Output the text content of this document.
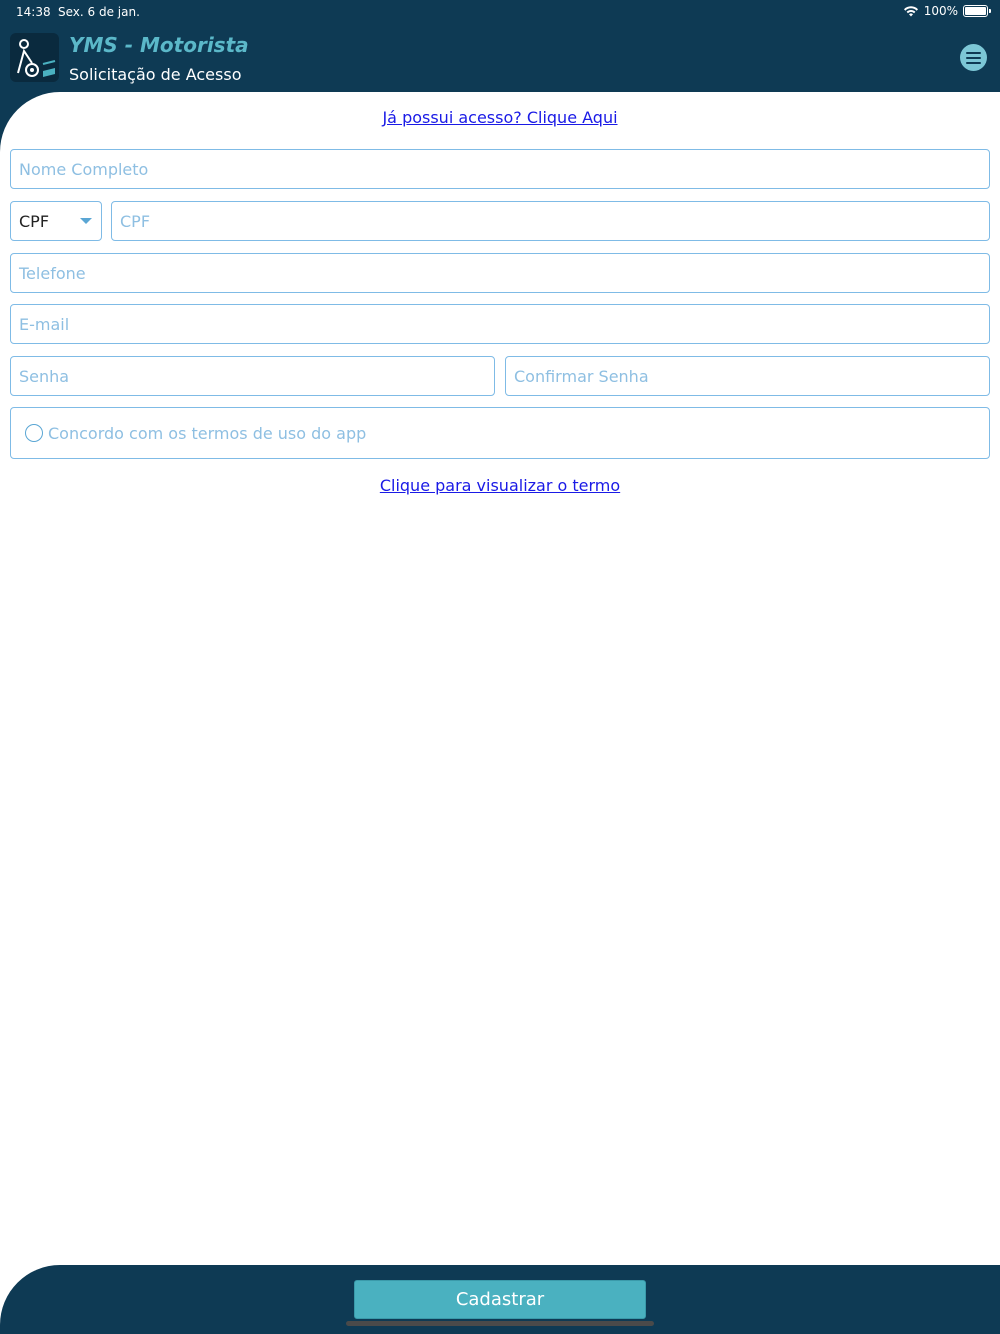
14:38 Sex. 6 de jan.	100%
YMS - Motorista
Solicitação de Acesso
Já possui acesso? Clique Aqui
Nome Completo
CPF	CPF
Telefone
E-mail
Senha	Confirmar Senha
Concordo com os termos de uso do app
Clique para visualizar o termo
Cadastrar
